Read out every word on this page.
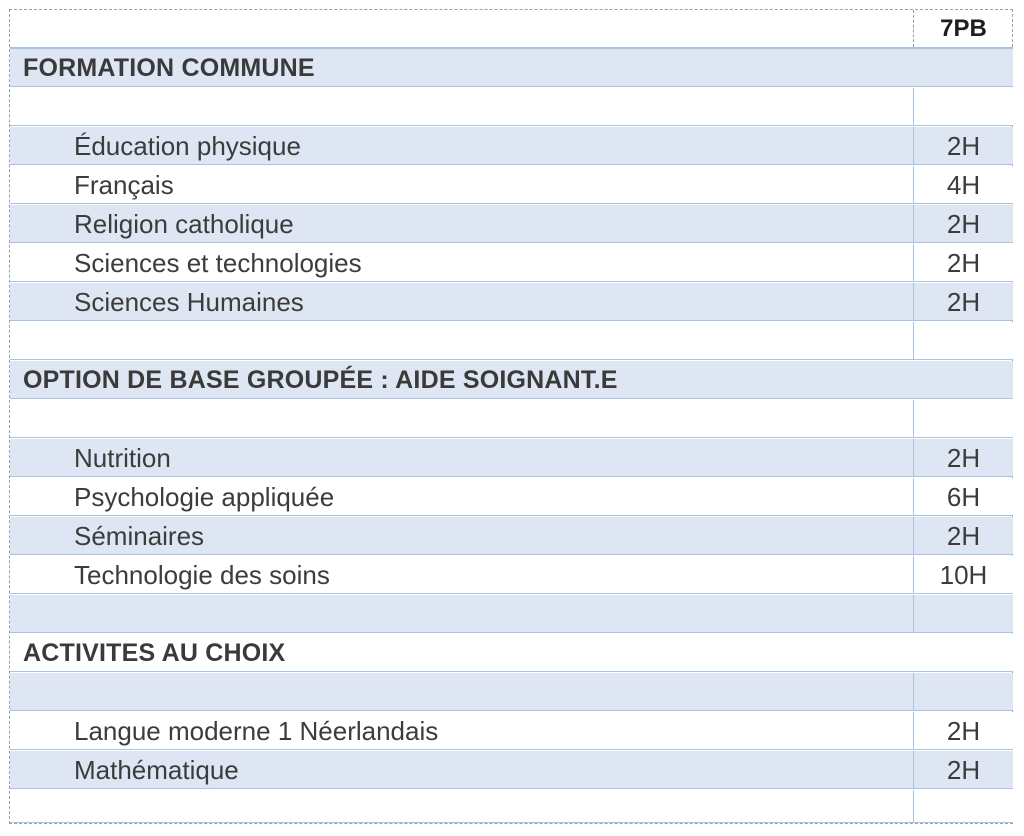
7PB
FORMATION COMMUNE
Éducation physique	2H
Français	4H
Religion catholique	2H
Sciences et technologies	2H
Sciences Humaines	2H
OPTION DE BASE GROUPÉE : AIDE SOIGNANT.E
Nutrition	2H
Psychologie appliquée	6H
Séminaires	2H
Technologie des soins	10H
ACTIVITES AU CHOIX
Langue moderne 1 Néerlandais	2H
Mathématique	2H
